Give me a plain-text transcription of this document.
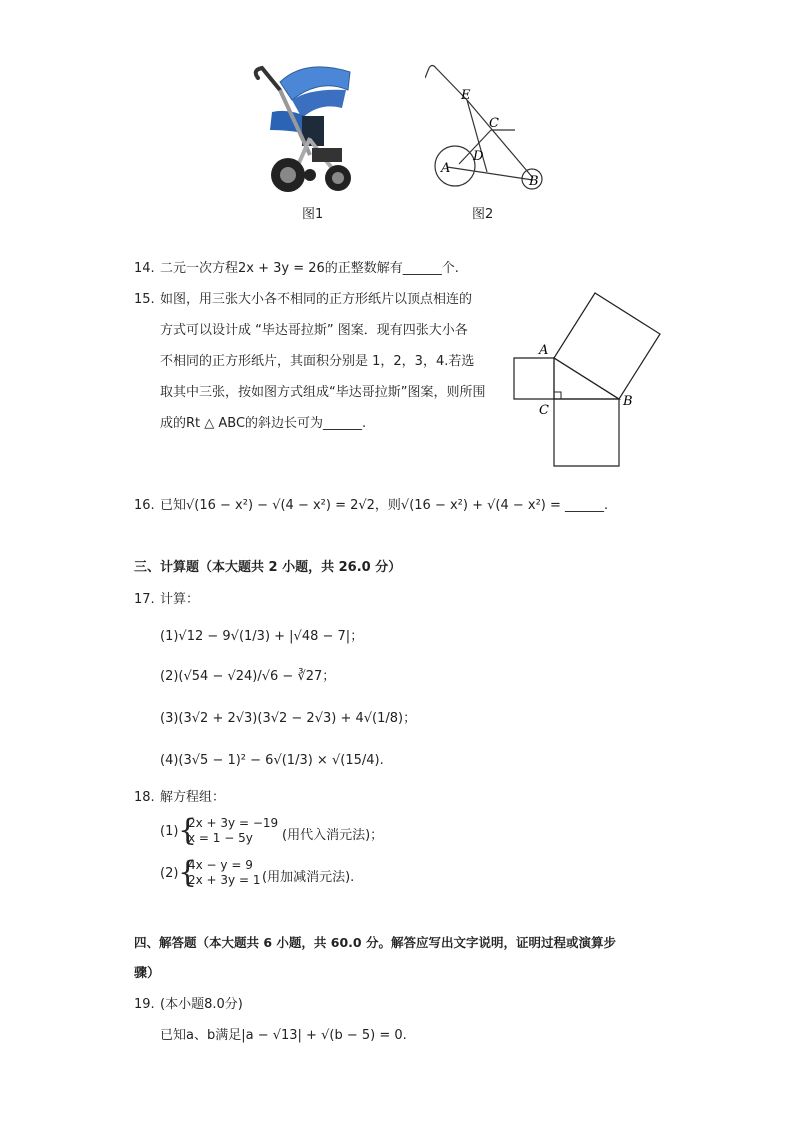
图1
E
C
D
A
B
图2
14. 二元一次方程2x + 3y = 26的正整数解有______个.
15. 如图，用三张大小各不相同的正方形纸片以顶点相连的
方式可以设计成 “毕达哥拉斯” 图案．现有四张大小各
不相同的正方形纸片，其面积分别是 1，2，3，4.若选
取其中三张，按如图方式组成“毕达哥拉斯”图案，则所围
成的Rt △ ABC的斜边长可为______.
A
C
B
16. 已知√(16 − x²) − √(4 − x²) = 2√2，则√(16 − x²) + √(4 − x²) = ______.
三、计算题（本大题共 2 小题，共 26.0 分）
17. 计算：
(1)√12 − 9√(1/3) + |√48 − 7|；
(2)(√54 − √24)/√6 − ∛27；
(3)(3√2 + 2√3)(3√2 − 2√3) + 4√(1/8)；
(4)(3√5 − 1)² − 6√(1/3) × √(15/4).
18. 解方程组：
(1) {
2x + 3y = −19
x = 1 − 5y (用代入消元法)；
(2) {
4x − y = 9
2x + 3y = 1 (用加减消元法).
四、解答题（本大题共 6 小题，共 60.0 分。解答应写出文字说明，证明过程或演算步
骤）
19. (本小题8.0分)
已知a、b满足|a − √13| + √(b − 5) = 0.
